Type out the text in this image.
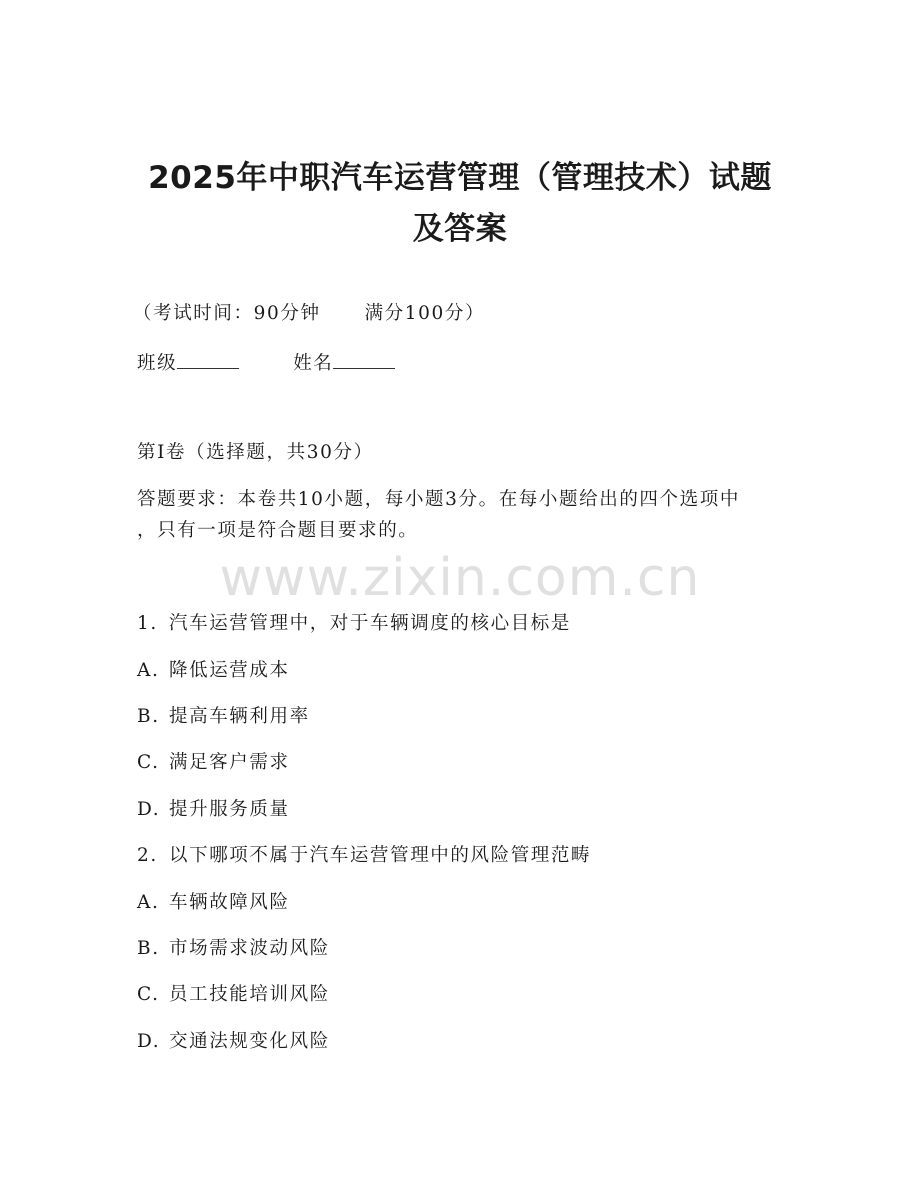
2025年中职汽车运营管理（管理技术）试题
及答案

（考试时间：90分钟 满分100分）

班级	姓名

第I卷（选择题，共30分）

答题要求：本卷共10小题，每小题3分。在每小题给出的四个选项中

，只有一项是符合题目要求的。

www.zixin.com.cn

1. 汽车运营管理中，对于车辆调度的核心目标是

A. 降低运营成本

B. 提高车辆利用率

C. 满足客户需求

D. 提升服务质量

2. 以下哪项不属于汽车运营管理中的风险管理范畴

A. 车辆故障风险

B. 市场需求波动风险

C. 员工技能培训风险

D. 交通法规变化风险
